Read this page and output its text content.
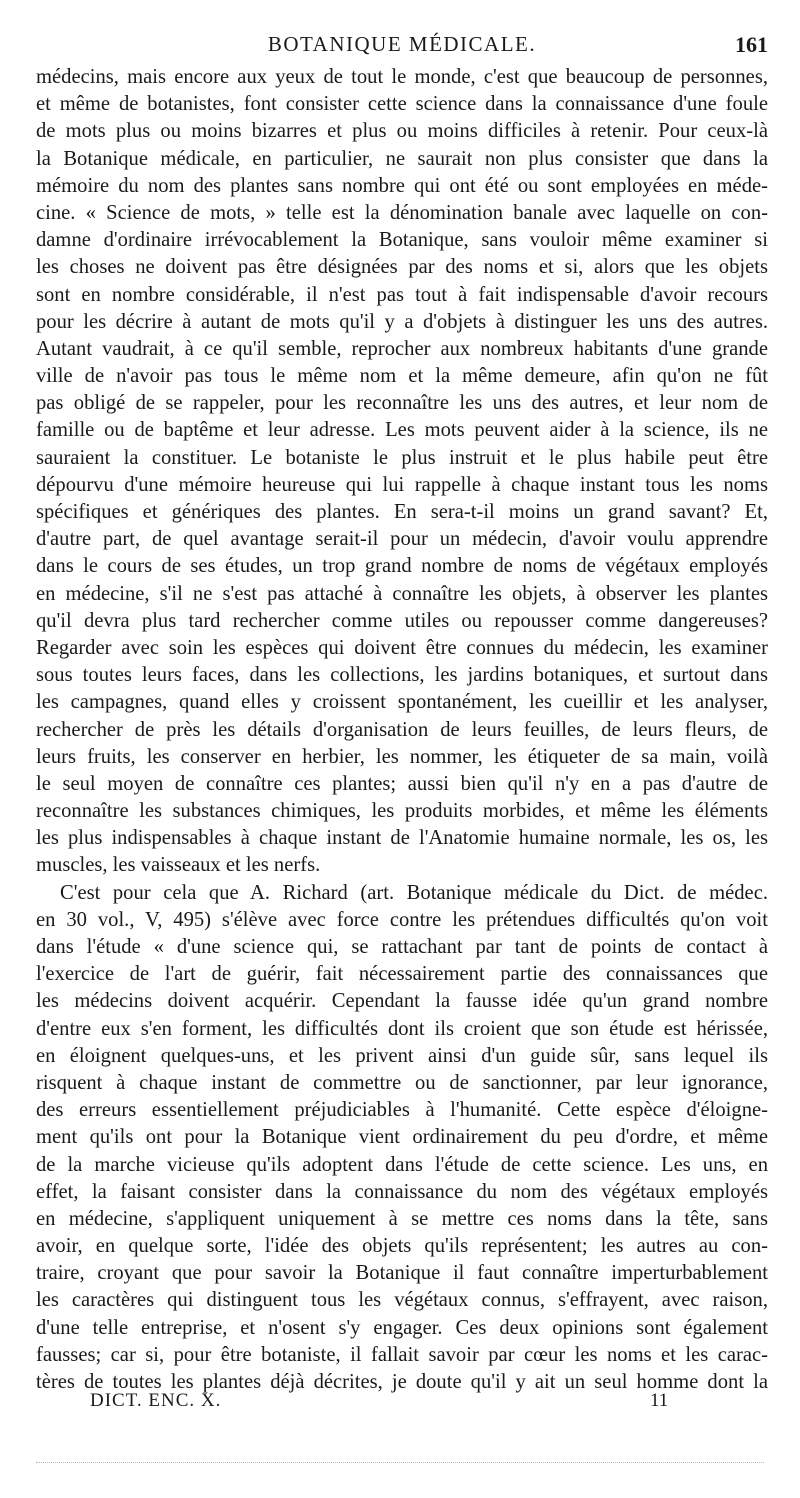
BOTANIQUE MÉDICALE.	161
médecins, mais encore aux yeux de tout le monde, c'est que beaucoup de personnes,
et même de botanistes, font consister cette science dans la connaissance d'une foule
de mots plus ou moins bizarres et plus ou moins difficiles à retenir. Pour ceux-là
la Botanique médicale, en particulier, ne saurait non plus consister que dans la
mémoire du nom des plantes sans nombre qui ont été ou sont employées en méde-
cine. « Science de mots, » telle est la dénomination banale avec laquelle on con-
damne d'ordinaire irrévocablement la Botanique, sans vouloir même examiner si
les choses ne doivent pas être désignées par des noms et si, alors que les objets
sont en nombre considérable, il n'est pas tout à fait indispensable d'avoir recours
pour les décrire à autant de mots qu'il y a d'objets à distinguer les uns des autres.
Autant vaudrait, à ce qu'il semble, reprocher aux nombreux habitants d'une grande
ville de n'avoir pas tous le même nom et la même demeure, afin qu'on ne fût
pas obligé de se rappeler, pour les reconnaître les uns des autres, et leur nom de
famille ou de baptême et leur adresse. Les mots peuvent aider à la science, ils ne
sauraient la constituer. Le botaniste le plus instruit et le plus habile peut être
dépourvu d'une mémoire heureuse qui lui rappelle à chaque instant tous les noms
spécifiques et génériques des plantes. En sera-t-il moins un grand savant? Et,
d'autre part, de quel avantage serait-il pour un médecin, d'avoir voulu apprendre
dans le cours de ses études, un trop grand nombre de noms de végétaux employés
en médecine, s'il ne s'est pas attaché à connaître les objets, à observer les plantes
qu'il devra plus tard rechercher comme utiles ou repousser comme dangereuses?
Regarder avec soin les espèces qui doivent être connues du médecin, les examiner
sous toutes leurs faces, dans les collections, les jardins botaniques, et surtout dans
les campagnes, quand elles y croissent spontanément, les cueillir et les analyser,
rechercher de près les détails d'organisation de leurs feuilles, de leurs fleurs, de
leurs fruits, les conserver en herbier, les nommer, les étiqueter de sa main, voilà
le seul moyen de connaître ces plantes; aussi bien qu'il n'y en a pas d'autre de
reconnaître les substances chimiques, les produits morbides, et même les éléments
les plus indispensables à chaque instant de l'Anatomie humaine normale, les os, les
muscles, les vaisseaux et les nerfs.
C'est pour cela que A. Richard (art. Botanique médicale du Dict. de médec.
en 30 vol., V, 495) s'élève avec force contre les prétendues difficultés qu'on voit
dans l'étude « d'une science qui, se rattachant par tant de points de contact à
l'exercice de l'art de guérir, fait nécessairement partie des connaissances que
les médecins doivent acquérir. Cependant la fausse idée qu'un grand nombre
d'entre eux s'en forment, les difficultés dont ils croient que son étude est hérissée,
en éloignent quelques-uns, et les privent ainsi d'un guide sûr, sans lequel ils
risquent à chaque instant de commettre ou de sanctionner, par leur ignorance,
des erreurs essentiellement préjudiciables à l'humanité. Cette espèce d'éloigne-
ment qu'ils ont pour la Botanique vient ordinairement du peu d'ordre, et même
de la marche vicieuse qu'ils adoptent dans l'étude de cette science. Les uns, en
effet, la faisant consister dans la connaissance du nom des végétaux employés
en médecine, s'appliquent uniquement à se mettre ces noms dans la tête, sans
avoir, en quelque sorte, l'idée des objets qu'ils représentent; les autres au con-
traire, croyant que pour savoir la Botanique il faut connaître imperturbablement
les caractères qui distinguent tous les végétaux connus, s'effrayent, avec raison,
d'une telle entreprise, et n'osent s'y engager. Ces deux opinions sont également
fausses; car si, pour être botaniste, il fallait savoir par cœur les noms et les carac-
tères de toutes les plantes déjà décrites, je doute qu'il y ait un seul homme dont la
DICT. ENC. X.	11
